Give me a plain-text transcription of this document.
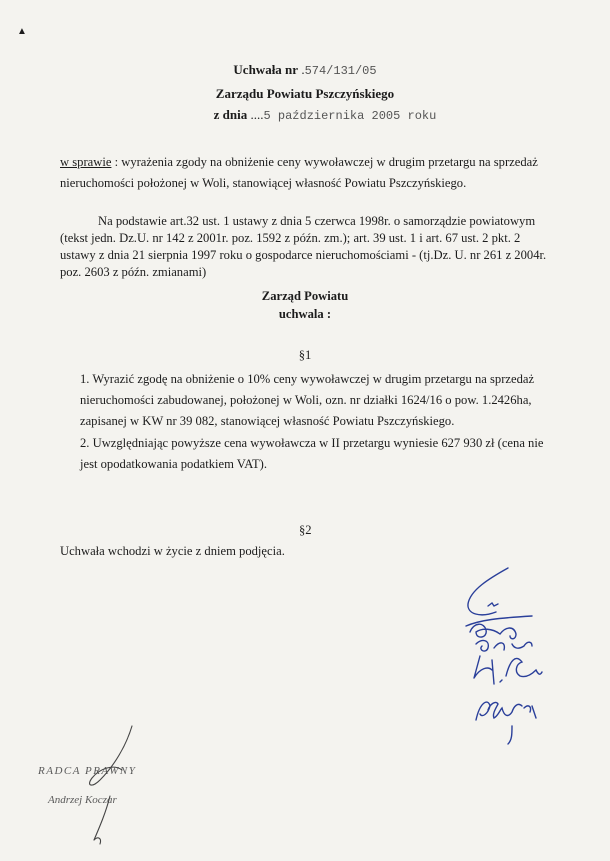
▲
Uchwała nr .574/131/05
Zarządu Powiatu Pszczyńskiego
z dnia ....5 października 2005 roku
w sprawie : wyrażenia zgody na obniżenie ceny wywoławczej w drugim przetargu na sprzedaż
nieruchomości położonej w Woli, stanowiącej własność Powiatu Pszczyńskiego.
Na podstawie art.32 ust. 1 ustawy z dnia 5 czerwca 1998r. o samorządzie powiatowym
(tekst jedn. Dz.U. nr 142 z 2001r. poz. 1592 z późn. zm.); art. 39 ust. 1 i art. 67 ust. 2 pkt. 2
ustawy z dnia 21 sierpnia 1997 roku o gospodarce nieruchomościami - (tj.Dz. U. nr 261 z 2004r.
poz. 2603 z późn. zmianami)
Zarząd Powiatu
uchwala :
§1
1. Wyrazić zgodę na obniżenie o 10% ceny wywoławczej w drugim przetargu na sprzedaż
nieruchomości zabudowanej, położonej w Woli, ozn. nr działki 1624/16 o pow. 1.2426ha,
zapisanej w KW nr 39 082, stanowiącej własność Powiatu Pszczyńskiego.
2. Uwzględniając powyższe cena wywoławcza w II przetargu wyniesie 627 930 zł (cena nie
jest opodatkowania podatkiem VAT).
§2
Uchwała wchodzi w życie z dniem podjęcia.
RADCA PRAWNY
Andrzej Koczar
